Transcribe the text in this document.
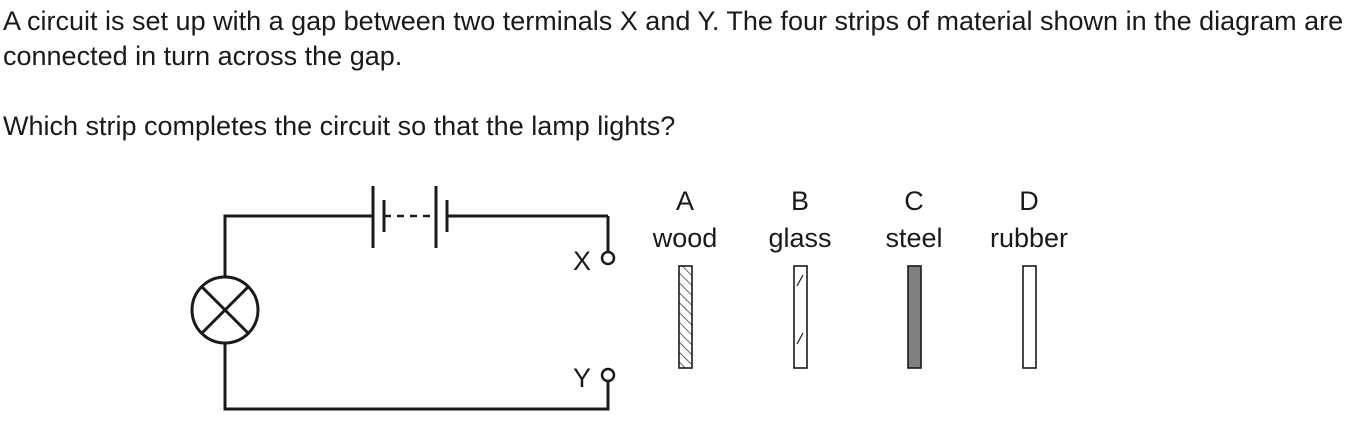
A circuit is set up with a gap between two terminals X and Y. The four strips of material shown in the diagram are connected in turn across the gap.

Which strip completes the circuit so that the lamp lights?

X
Y
A
wood
B
glass
C
steel
D
rubber
